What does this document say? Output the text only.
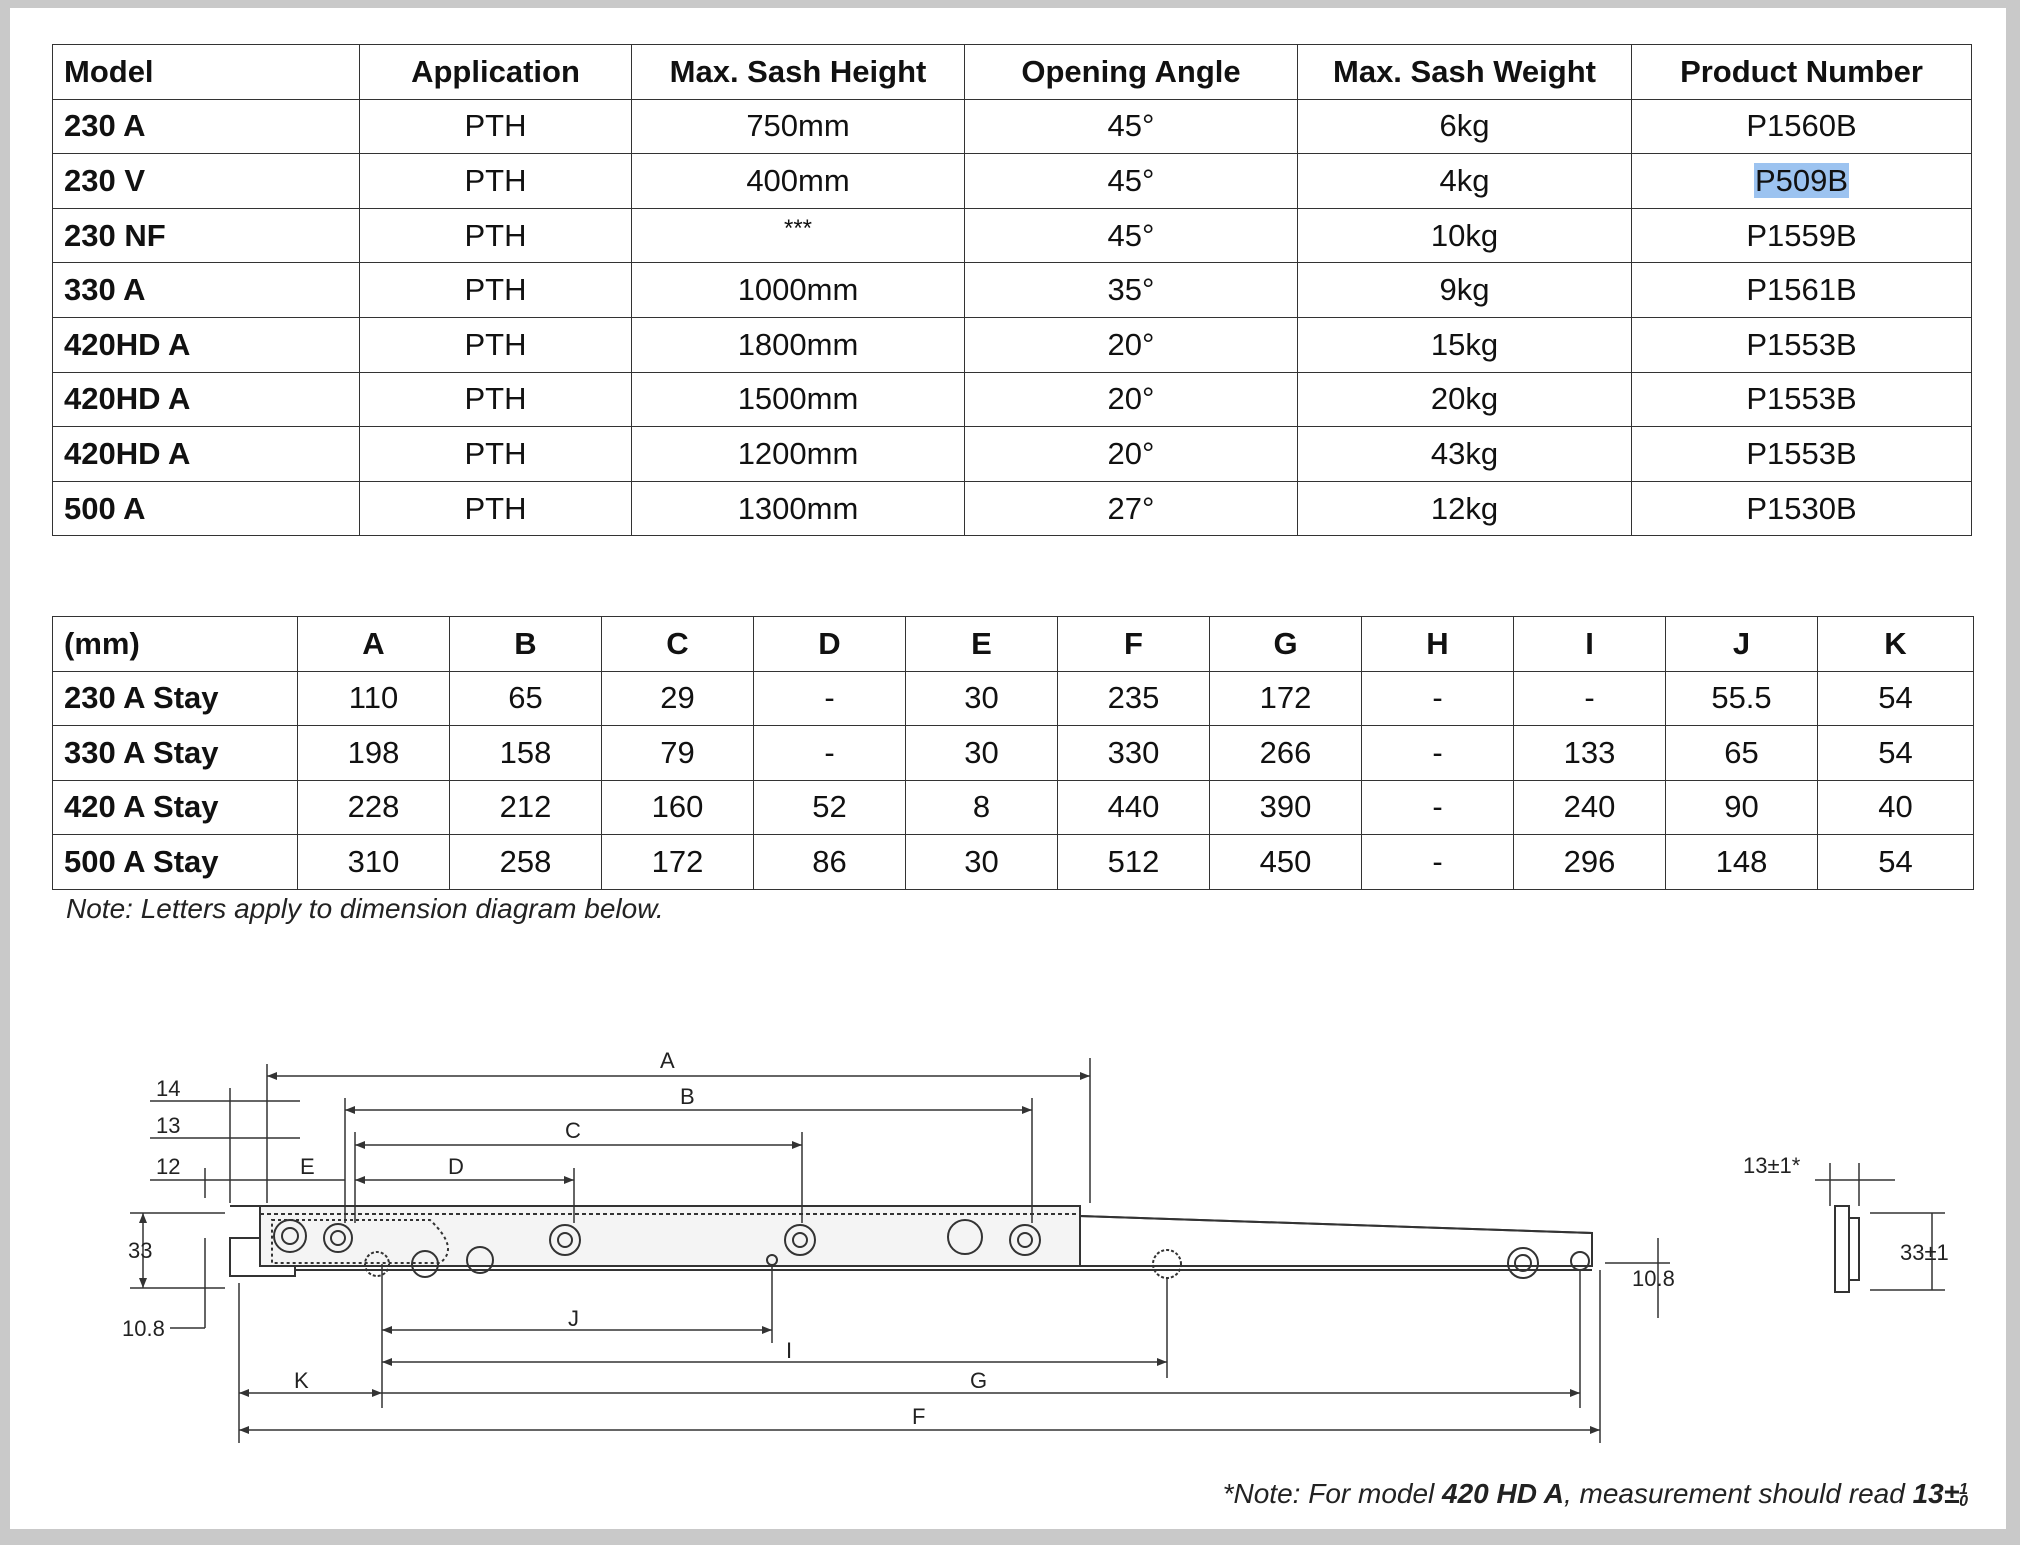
Model	Application	Max. Sash Height	Opening Angle	Max. Sash Weight	Product Number
230 A	PTH	750mm	45°	6kg	P1560B
230 V	PTH	400mm	45°	4kg	P509B
230 NF	PTH	***	45°	10kg	P1559B
330 A	PTH	1000mm	35°	9kg	P1561B
420HD A	PTH	1800mm	20°	15kg	P1553B
420HD A	PTH	1500mm	20°	20kg	P1553B
420HD A	PTH	1200mm	20°	43kg	P1553B
500 A	PTH	1300mm	27°	12kg	P1530B
(mm)	A	B	C	D	E	F	G	H	I	J	K
230 A Stay	110	65	29	-	30	235	172	-	-	55.5	54
330 A Stay	198	158	79	-	30	330	266	-	133	65	54
420 A Stay	228	212	160	52	8	440	390	-	240	90	40
500 A Stay	310	258	172	86	30	512	450	-	296	148	54
Note: Letters apply to dimension diagram below.
A
B
C
D
E
J
I
G
K
F
14
13
12
33
10.8
10.8
13±1*
33±1
*Note: For model 420 HD A, measurement should read 13±1
0
